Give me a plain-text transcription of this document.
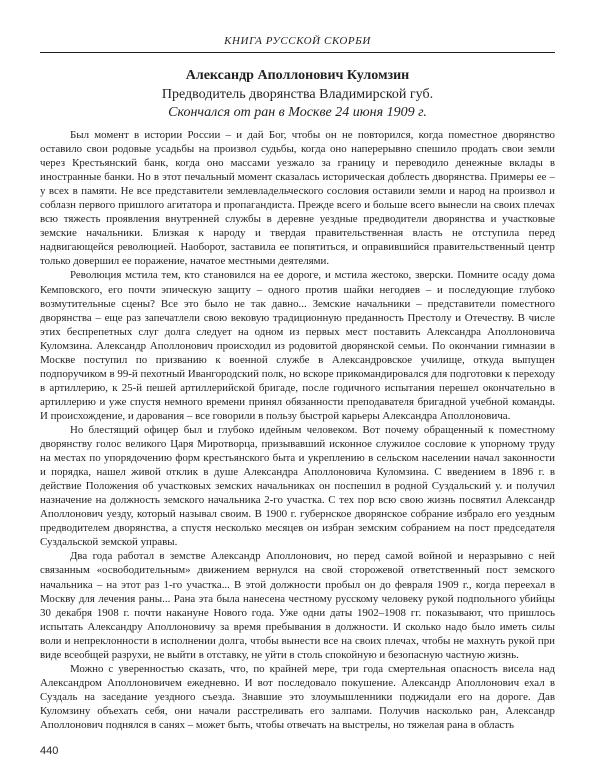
КНИГА РУССКОЙ СКОРБИ
Александр Аполлонович Куломзин
Предводитель дворянства Владимирской губ.
Скончался от ран в Москве 24 июня 1909 г.

Был момент в истории России – и дай Бог, чтобы он не повторился, когда поместное дворянство оставило свои родовые усадьбы на произвол судьбы, когда оно наперерывно спешило продать свои земли через Крестьянский банк, когда оно массами уезжало за границу и переводило денежные вклады в иностранные банки. Но в этот печальный момент сказалась историческая доблесть дворянства. Примеры ее – у всех в памяти. Не все представители землевладельческого сословия оставили земли и народ на произвол и соблазн первого пришлого агитатора и пропагандиста. Прежде всего и больше всего вынесли на своих плечах всю тяжесть проявления внутренней службы в деревне уездные предводители дворянства и участковые земские начальники. Близкая к народу и твердая правительственная власть не отступила перед надвигающейся революцией. Наоборот, заставила ее попятиться, и оправившийся правительственный центр только довершил ее поражение, начатое местными деятелями.

Революция мстила тем, кто становился на ее дороге, и мстила жестоко, зверски. Помните осаду дома Кемповского, его почти эпическую защиту – одного против шайки негодяев – и последующие глубоко возмутительные сцены? Все это было не так давно... Земские начальники – представители поместного дворянства – еще раз запечатлели свою вековую традиционную преданность Престолу и Отечеству. В числе этих беспрепетных слуг долга следует на одном из первых мест поставить Александра Аполлоновича Куломзина. Александр Аполлонович происходил из родовитой дворянской семьи. По окончании гимназии в Москве поступил по призванию к военной службе в Александровское училище, откуда выпущен подпоручиком в 99-й пехотный Ивангородский полк, но вскоре прикомандировался для подготовки к переходу в артиллерию, к 25-й пешей артиллерийской бригаде, после годичного испытания перешел окончательно в артиллерию и уже спустя немного времени принял обязанности преподавателя бригадной учебной команды. И происхождение, и дарования – все говорили в пользу быстрой карьеры Александра Аполлоновича.

Но блестящий офицер был и глубоко идейным человеком. Вот почему обращенный к поместному дворянству голос великого Царя Миротворца, призывавший исконное служилое сословие к упорному труду на местах по упорядочению форм крестьянского быта и укреплению в сельском населении начал законности и порядка, нашел живой отклик в душе Александра Аполлоновича Куломзина. С введением в 1896 г. в действие Положения об участковых земских начальниках он поспешил в родной Суздальский у. и получил назначение на должность земского начальника 2-го участка. С тех пор всю свою жизнь посвятил Александр Аполлонович уезду, который называл своим. В 1900 г. губернское дворянское собрание избрало его уездным предводителем дворянства, а спустя несколько месяцев он избран земским собранием на пост председателя Суздальской земской управы.

Два года работал в земстве Александр Аполлонович, но перед самой войной и неразрывно с ней связанным «освободительным» движением вернулся на свой сторожевой ответственный пост земского начальника – на этот раз 1-го участка... В этой должности пробыл он до февраля 1909 г., когда переехал в Москву для лечения раны... Рана эта была нанесена честному русскому человеку рукой подпольного убийцы 30 декабря 1908 г. почти накануне Нового года. Уже одни даты 1902–1908 гг. показывают, что пришлось испытать Александру Аполлоновичу за время пребывания в должности. И сколько надо было иметь силы воли и непреклонности в исполнении долга, чтобы вынести все на своих плечах, чтобы не махнуть рукой при виде всеобщей разрухи, не выйти в отставку, не уйти в столь спокойную и безопасную частную жизнь.

Можно с уверенностью сказать, что, по крайней мере, три года смертельная опасность висела над Александром Аполлоновичем ежедневно. И вот последовало покушение. Александр Аполлонович ехал в Суздаль на заседание уездного съезда. Знавшие это злоумышленники поджидали его на дороге. Дав Куломзину объехать себя, они начали расстреливать его залпами. Получив насколько ран, Александр Аполлонович поднялся в санях – может быть, чтобы отвечать на выстрелы, но тяжелая рана в область

440
